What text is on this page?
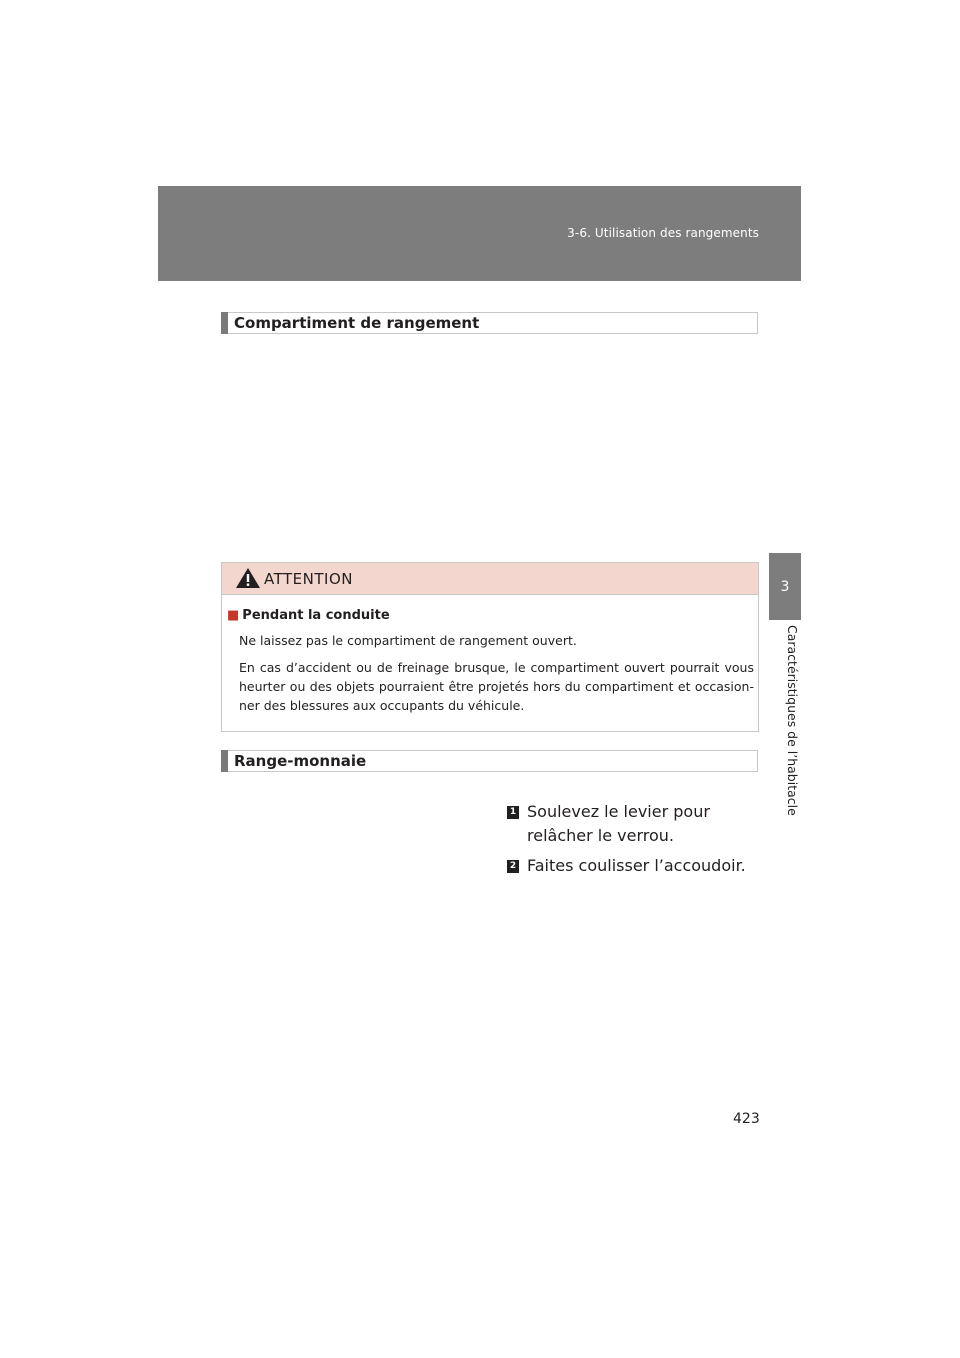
3-6. Utilisation des rangements
3
Caractéristiques de l’habitacle
Compartiment de rangement
ATTENTION
■ Pendant la conduite
Ne laissez pas le compartiment de rangement ouvert.
En cas d’accident ou de freinage brusque, le compartiment ouvert pourrait vous heurter ou des objets pourraient être projetés hors du compartiment et occasion-ner des blessures aux occupants du véhicule.
Range-monnaie
1 Soulevez le levier pour relâcher le verrou.
2 Faites coulisser l’accoudoir.
423
